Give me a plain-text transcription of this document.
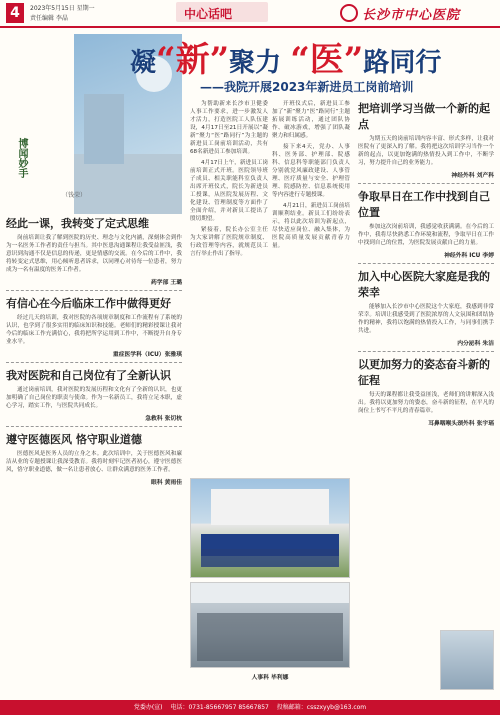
4	2023年5月15日 星期一
责任编辑 李晶	中心话吧	长沙市中心医院
博闻妙手
（钱荣）
凝“新”聚力 “医”路同行
——我院开展2023年新进员工岗前培训

为帮助新来长沙市卫健委人事工作要求，进一步激发人才活力，打造医院工人队伍建设，4月17日至21日开展以“凝新”聚力“医”路同行”为主题的新进员工岗前培训活动，共有68名新进员工参加培训。

4月17日上午，新进员工岗前培训正式开班。医院领导班子成员、相关职能科室负责人出席开班仪式，院长为新进员工授课，从医院发展历程、文化建设、管理制度等方面作了全面介绍，并对新员工提出了殷切期望。

紧接着，院长办公室主任为大家讲解了医院规章制度、行政管理等内容，就规范员工言行举止作出了指导。

开班仪式后，新进员工参加了“新”聚力“医”路同行”主题拓展训练活动，通过团队协作、破冰游戏，增强了团队凝聚力和归属感。

接下来4天，党办、人事科、医务部、护理部、院感科、信息科等职能部门负责人分别就党风廉政建设、人事管理、医疗质量与安全、护理管理、院感防控、信息系统使用等内容进行专题授课。

4月21日，新进员工岗前培训顺利结业。新员工们纷纷表示，将以此次培训为新起点，尽快适应岗位、融入集体，为医院高质量发展贡献青春力量。

经此一课，我转变了定式思维

岗前培训让我了解到医院的历史、理念与文化内涵，深刻体会到作为一名医务工作者的责任与担当。其中医患沟通课程让我受益匪浅，我意识到沟通不仅是信息的传递，更是情感的交流。在今后的工作中，我将转变定式思维，用心倾听患者诉求，以同理心对待每一位患者，努力成为一名有温度的医务工作者。

药学部 王璐
有信心在今后临床工作中做得更好

经过几天的培训，我对医院的各项规章制度和工作流程有了系统的认识，也学到了很多实用的临床知识和技能。老师们的精彩授课让我对今后的临床工作充满信心，我将把所学运用到工作中，不断提升自身专业水平。

重症医学科（ICU）张雅琪
我对医院和自己岗位有了全新认识

通过岗前培训，我对医院的发展历程和文化有了全新的认识，也更加明确了自己岗位的职责与使命。作为一名新员工，我将立足本职，虚心学习，踏实工作，与医院共同成长。

急救科 张切杭
遵守医德医风 恪守职业道德

医德医风是医务人员的立身之本。此次培训中，关于医德医风和廉洁从业的专题授课让我深受教育。我将时刻牢记医者初心，遵守医德医风，恪守职业道德，做一名让患者放心、让群众满意的医务工作者。

眼科 黄雨佳
人事科 毕利娜
把培训学习当做一个新的起点

为期五天的岗前培训内容丰富、形式多样，让我对医院有了更深入的了解。我将把这次培训学习当作一个新的起点，以更加饱满的热情投入到工作中，不断学习，努力提升自己的业务能力。

神经外科 刘产科
争取早日在工作中找到自己位置

参加这次岗前培训，我感觉收获满满。在今后的工作中，我将尽快熟悉工作环境和流程，争取早日在工作中找到自己的位置，为医院发展贡献自己的力量。

神经外科 ICU 李婷
加入中心医院大家庭是我的荣幸

能够加入长沙市中心医院这个大家庭，我感到非常荣幸。培训让我感受到了医院浓厚的人文氛围和团结协作的精神，我将以饱满的热情投入工作，与同事们携手共进。

内分泌科 朱洁
以更加努力的姿态奋斗新的征程

每天的课程都让我受益匪浅，老师们的讲解深入浅出。我将以更加努力的姿态，奋斗新的征程，在平凡的岗位上书写不平凡的青春篇章。

耳鼻咽喉头颈外科 张宇瑶
党委办(宣) 电话：0731-85667957 85667857 投稿邮箱：csszxyyb@163.com
